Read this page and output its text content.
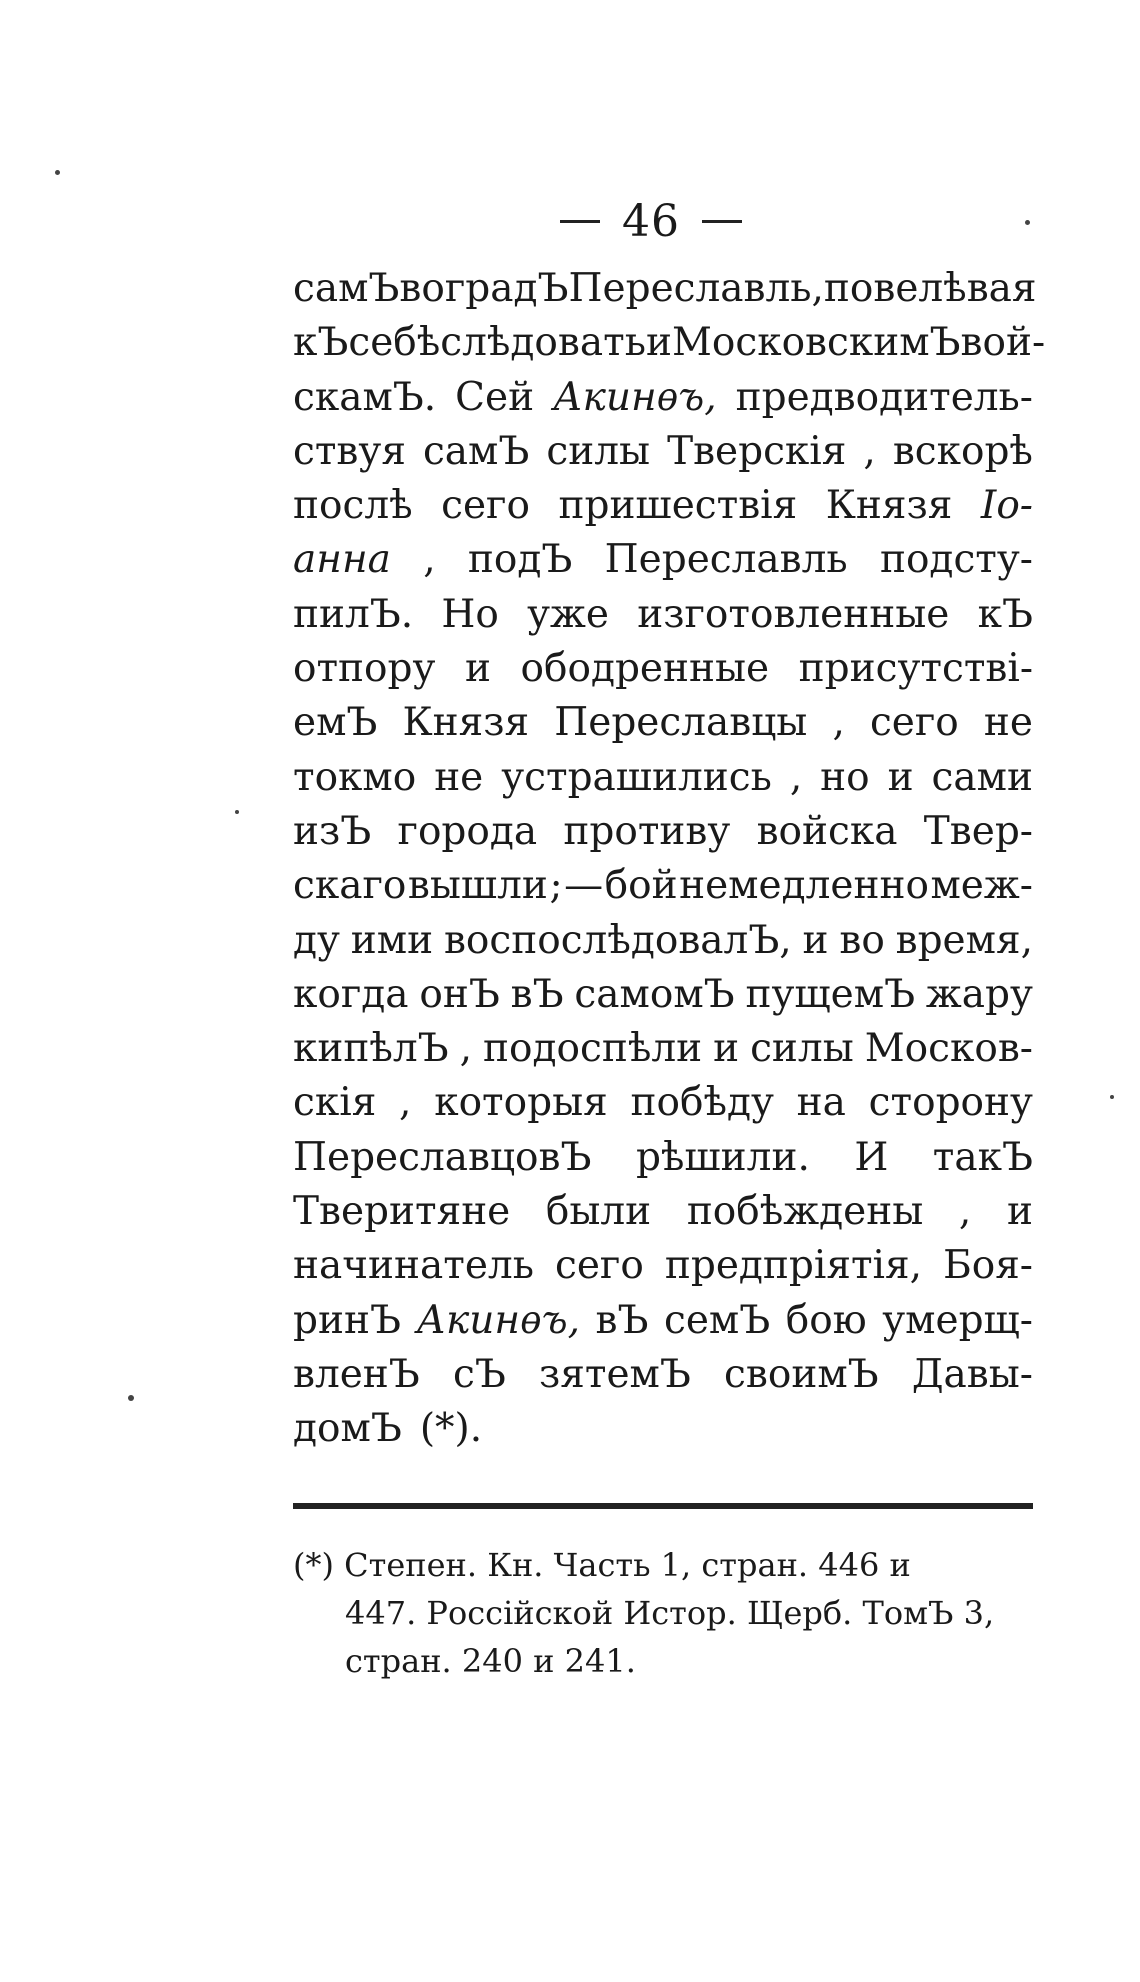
46
самЪ во градЪ Переславль, повелѣвая
кЪ себѣ слѣдовать и МосковскимЪ вой-
скамЪ. Сей Акинѳъ, предводитель-
ствуя самЪ силы Тверскія , вскорѣ
послѣ сего пришествія Князя Іо-
анна , подЪ Переславль подсту-
пилЪ. Но уже изготовленные кЪ
отпору и ободренные присутствi-
емЪ Князя Переславцы , сего не
токмо не устрашились , но и сами
изЪ города противу войска Твер-
скаго вышли ; — бой немедленно меж-
ду ими воспослѣдовалЪ, и во время,
когда онЪ вЪ самомЪ пущемЪ жару
кипѣлЪ , подоспѣли и силы Москов-
скія , которыя побѣду на сторону
ПереславцовЪ рѣшили. И такЪ
Тверитяне были побѣждены , и
начинатель сего предпріятія, Боя-
ринЪ Акинѳъ, вЪ семЪ бою умерщ-
вленЪ сЪ зятемЪ своимЪ Давы-
домЪ (*).
(*) Степен. Кн. Часть 1, стран. 446 и
447. Россійской Истор. Щерб. ТомЪ 3,
стран. 240 и 241.
